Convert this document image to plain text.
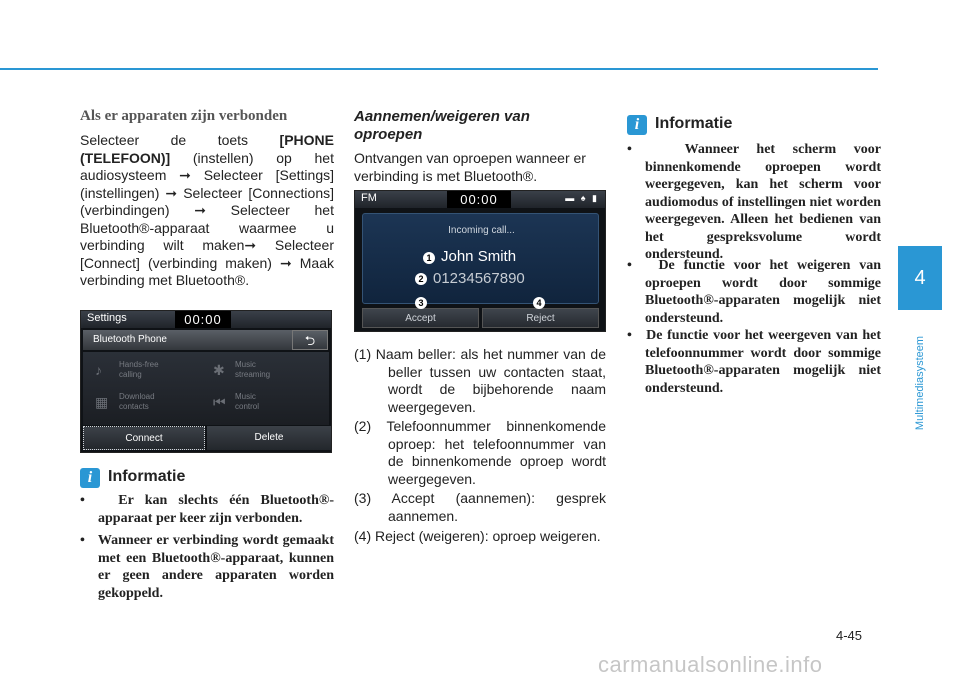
Als er apparaten zijn verbonden
Selecteer de toets [PHONE (TELEFOON)] (instellen) op het audiosysteem ➞ Selecteer [Settings] (instellingen) ➞ Selecteer [Connections] (verbindingen) ➞ Selecteer het Bluetooth®-apparaat waarmee u verbinding wilt maken➞ Selecteer [Connect] (verbinding maken) ➞ Maak verbinding met Bluetooth®.
Settings	00:00
Bluetooth Phone	⮌
♪ Hands-free
calling	✱ Music
streaming
▦ Download
contacts	⏮ Music
control
Connect	Delete
i Informatie
•   Er kan slechts één Bluetooth®-apparaat per keer zijn verbonden.
•   Wanneer er verbinding wordt gemaakt met een Bluetooth®-apparaat, kunnen er geen andere apparaten worden gekoppeld.
Aannemen/weigeren van oproepen
Ontvangen van oproepen wanneer er verbinding is met Bluetooth®.
FM	▬ ♠ ▮
00:00
Incoming call...
1 John Smith
2 01234567890
3	4
Accept	Reject
(1) Naam beller: als het nummer van de beller tussen uw contacten staat, wordt de bijbehorende naam weergegeven.
(2) Telefoonnummer binnenkomende oproep: het telefoonnummer van de binnenkomende oproep wordt weergegeven.
(3) Accept (aannemen): gesprek aannemen.
(4) Reject (weigeren): oproep weigeren.
i Informatie
•   Wanneer het scherm voor binnenkomende oproepen wordt weergegeven, kan het scherm voor audiomodus of instellingen niet worden weergegeven. Alleen het bedienen van het gespreksvolume wordt ondersteund.
•   De functie voor het weigeren van oproepen wordt door sommige Bluetooth®-apparaten mogelijk niet ondersteund.
•   De functie voor het weergeven van het telefoonnummer wordt door sommige Bluetooth®-apparaten mogelijk niet ondersteund.
4
Multimediasysteem
4-45
carmanualsonline.info
